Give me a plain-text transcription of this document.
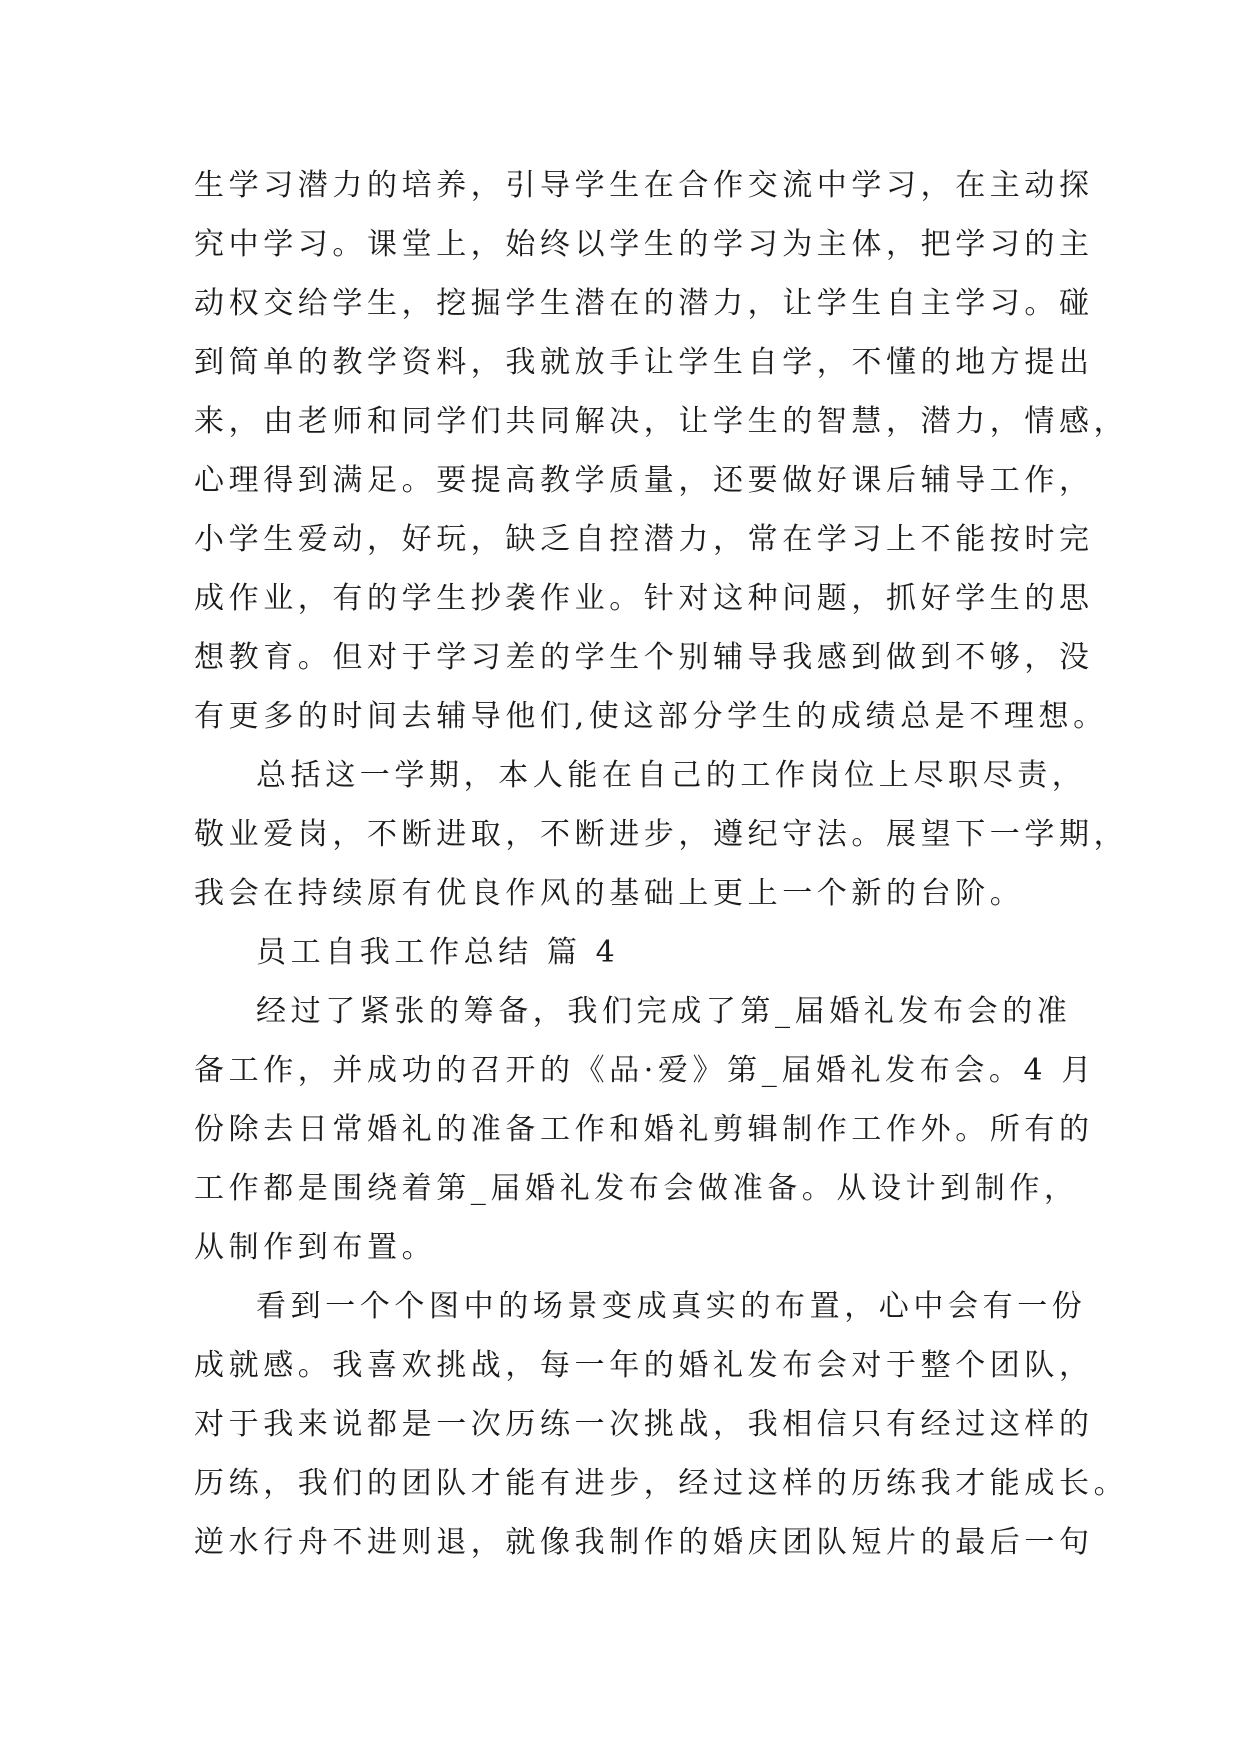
生学习潜力的培养，引导学生在合作交流中学习，在主动探
究中学习。课堂上，始终以学生的学习为主体，把学习的主
动权交给学生，挖掘学生潜在的潜力，让学生自主学习。碰
到简单的教学资料，我就放手让学生自学，不懂的地方提出
来，由老师和同学们共同解决，让学生的智慧，潜力，情感，
心理得到满足。要提高教学质量，还要做好课后辅导工作，
小学生爱动，好玩，缺乏自控潜力，常在学习上不能按时完
成作业，有的学生抄袭作业。针对这种问题，抓好学生的思
想教育。但对于学习差的学生个别辅导我感到做到不够，没
有更多的时间去辅导他们,使这部分学生的成绩总是不理想。
总括这一学期，本人能在自己的工作岗位上尽职尽责，
敬业爱岗，不断进取，不断进步，遵纪守法。展望下一学期，
我会在持续原有优良作风的基础上更上一个新的台阶。
员工自我工作总结 篇 4
经过了紧张的筹备，我们完成了第_届婚礼发布会的准
备工作，并成功的召开的《品·爱》第_届婚礼发布会。4 月
份除去日常婚礼的准备工作和婚礼剪辑制作工作外。所有的
工作都是围绕着第_届婚礼发布会做准备。从设计到制作，
从制作到布置。
看到一个个图中的场景变成真实的布置，心中会有一份
成就感。我喜欢挑战，每一年的婚礼发布会对于整个团队，
对于我来说都是一次历练一次挑战，我相信只有经过这样的
历练，我们的团队才能有进步，经过这样的历练我才能成长。
逆水行舟不进则退，就像我制作的婚庆团队短片的最后一句
